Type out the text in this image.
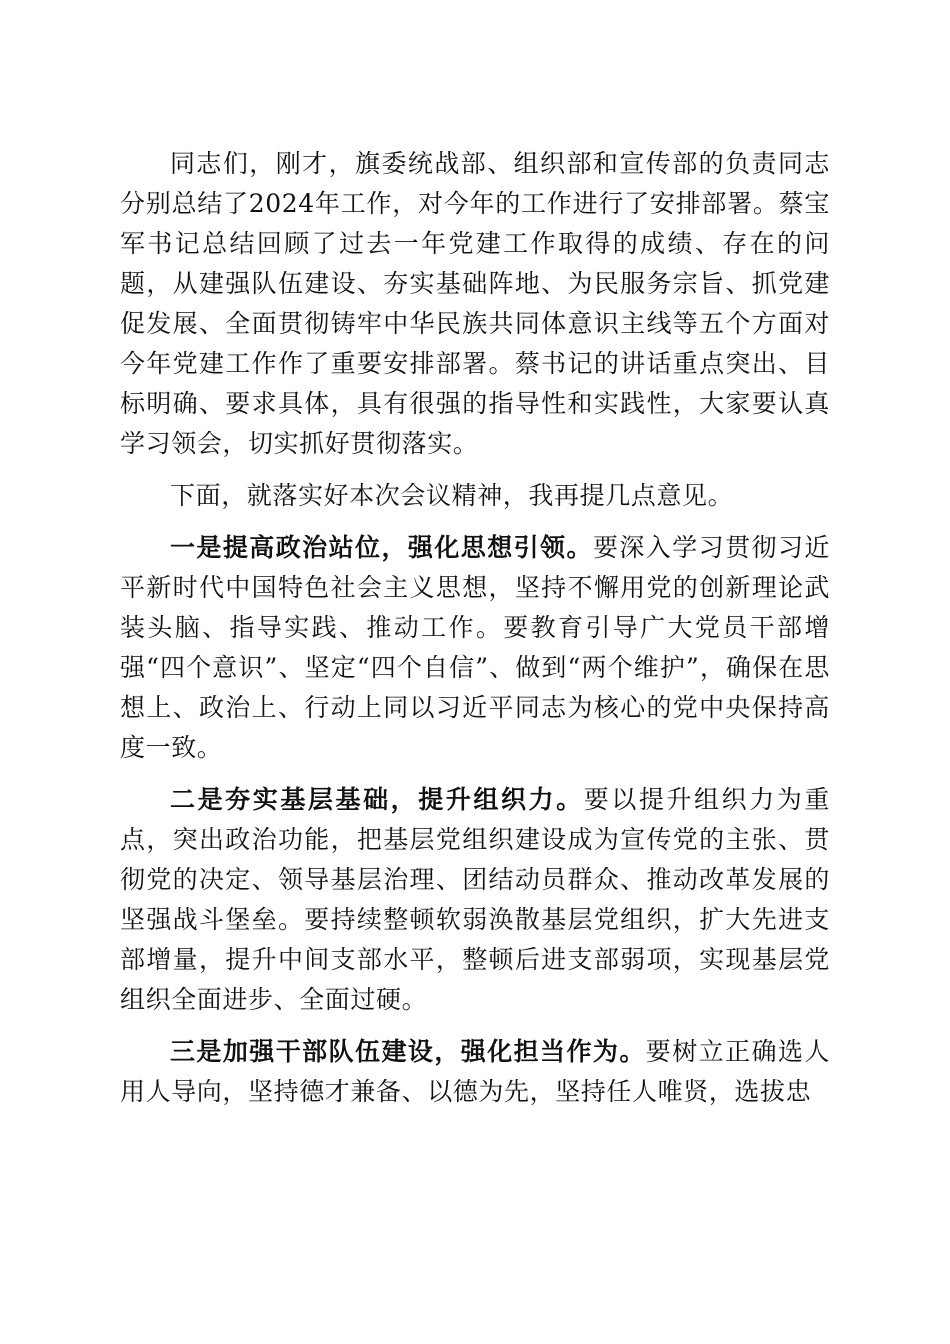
同志们，刚才，旗委统战部、组织部和宣传部的负责同志分别总结了2024年工作，对今年的工作进行了安排部署。蔡宝军书记总结回顾了过去一年党建工作取得的成绩、存在的问题，从建强队伍建设、夯实基础阵地、为民服务宗旨、抓党建促发展、全面贯彻铸牢中华民族共同体意识主线等五个方面对今年党建工作作了重要安排部署。蔡书记的讲话重点突出、目标明确、要求具体，具有很强的指导性和实践性，大家要认真学习领会，切实抓好贯彻落实。

下面，就落实好本次会议精神，我再提几点意见。

一是提高政治站位，强化思想引领。要深入学习贯彻习近平新时代中国特色社会主义思想，坚持不懈用党的创新理论武装头脑、指导实践、推动工作。要教育引导广大党员干部增强“四个意识”、坚定“四个自信”、做到“两个维护”，确保在思想上、政治上、行动上同以习近平同志为核心的党中央保持高度一致。

二是夯实基层基础，提升组织力。要以提升组织力为重点，突出政治功能，把基层党组织建设成为宣传党的主张、贯彻党的决定、领导基层治理、团结动员群众、推动改革发展的坚强战斗堡垒。要持续整顿软弱涣散基层党组织，扩大先进支部增量，提升中间支部水平，整顿后进支部弱项，实现基层党组织全面进步、全面过硬。

三是加强干部队伍建设，强化担当作为。要树立正确选人用人导向，坚持德才兼备、以德为先，坚持任人唯贤，选拔忠
